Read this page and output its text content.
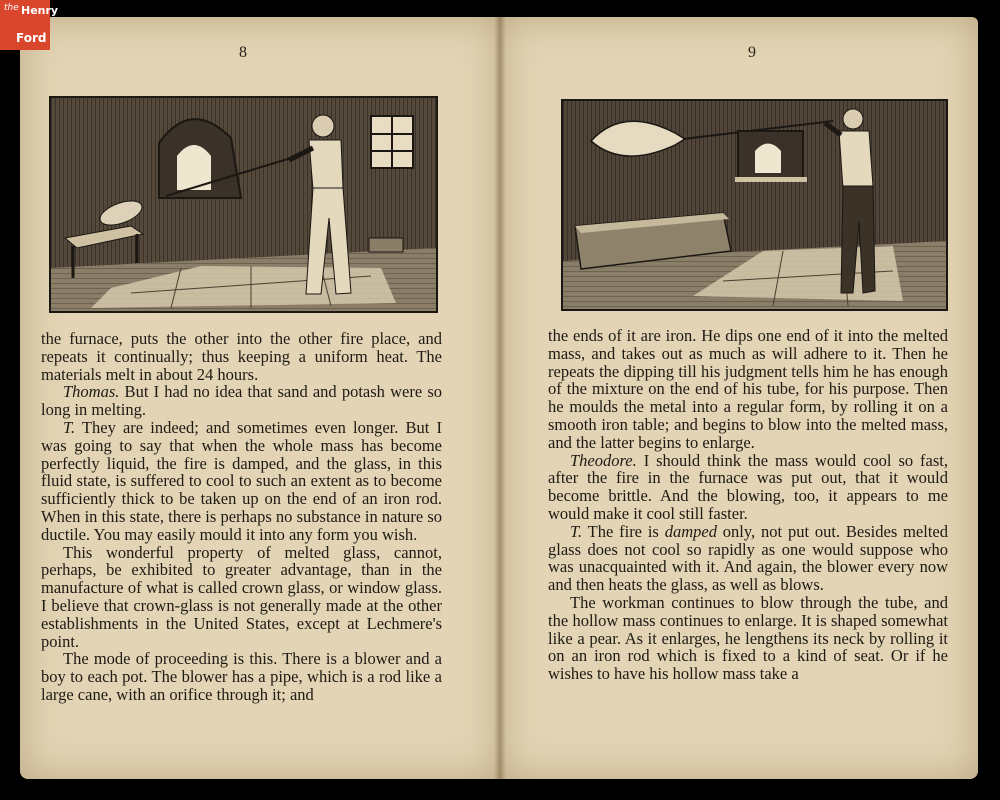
the Henry
Ford
8	9

the furnace, puts the other into the other fire place, and repeats it continually; thus keeping a uniform heat. The materials melt in about 24 hours.

Thomas. But I had no idea that sand and potash were so long in melting.

T. They are indeed; and sometimes even longer. But I was going to say that when the whole mass has become perfectly liquid, the fire is damped, and the glass, in this fluid state, is suffered to cool to such an extent as to become sufficiently thick to be taken up on the end of an iron rod. When in this state, there is perhaps no substance in nature so ductile. You may easily mould it into any form you wish.

This wonderful property of melted glass, cannot, perhaps, be exhibited to greater advantage, than in the manufacture of what is called crown glass, or window glass. I believe that crown-glass is not generally made at the other establishments in the United States, except at Lechmere's point.

The mode of proceeding is this. There is a blower and a boy to each pot. The blower has a pipe, which is a rod like a large cane, with an orifice through it; and

the ends of it are iron. He dips one end of it into the melted mass, and takes out as much as will adhere to it. Then he repeats the dipping till his judgment tells him he has enough of the mixture on the end of his tube, for his purpose. Then he moulds the metal into a regular form, by rolling it on a smooth iron table; and begins to blow into the melted mass, and the latter begins to enlarge.

Theodore. I should think the mass would cool so fast, after the fire in the furnace was put out, that it would become brittle. And the blowing, too, it appears to me would make it cool still faster.

T. The fire is damped only, not put out. Besides melted glass does not cool so rapidly as one would suppose who was unacquainted with it. And again, the blower every now and then heats the glass, as well as blows.

The workman continues to blow through the tube, and the hollow mass continues to enlarge. It is shaped somewhat like a pear. As it enlarges, he lengthens its neck by rolling it on an iron rod which is fixed to a kind of seat. Or if he wishes to have his hollow mass take a
